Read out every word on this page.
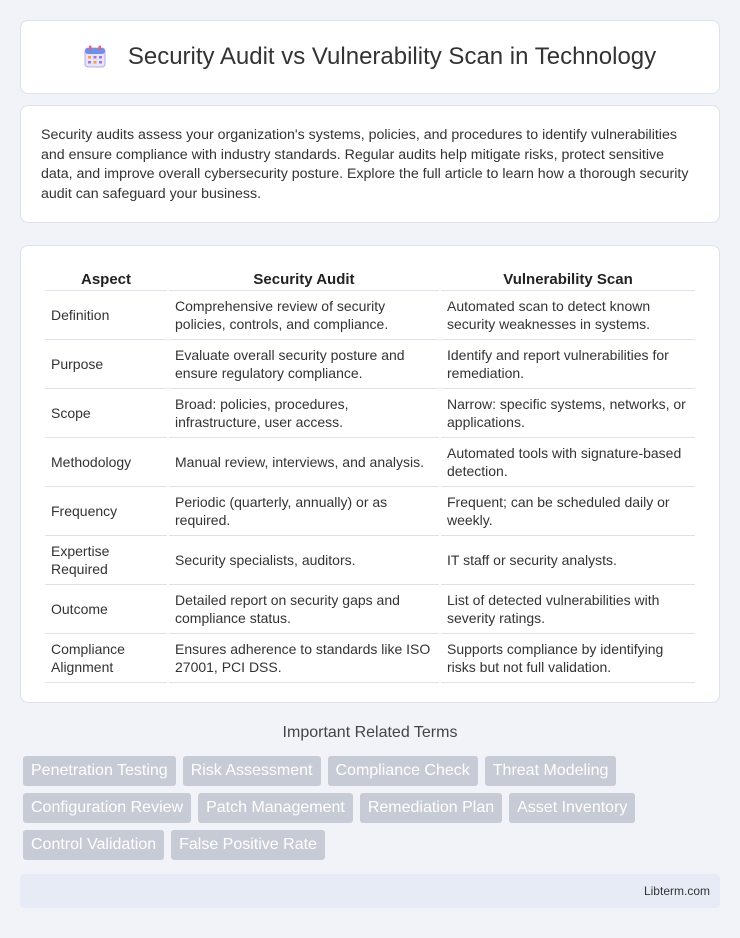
Security Audit vs Vulnerability Scan in Technology

Security audits assess your organization's systems, policies, and procedures to identify vulnerabilities and ensure compliance with industry standards. Regular audits help mitigate risks, protect sensitive data, and improve overall cybersecurity posture. Explore the full article to learn how a thorough security audit can safeguard your business.

Aspect	Security Audit	Vulnerability Scan
Definition	Comprehensive review of security policies, controls, and compliance.	Automated scan to detect known security weaknesses in systems.
Purpose	Evaluate overall security posture and ensure regulatory compliance.	Identify and report vulnerabilities for remediation.
Scope	Broad: policies, procedures, infrastructure, user access.	Narrow: specific systems, networks, or applications.
Methodology	Manual review, interviews, and analysis.	Automated tools with signature-based detection.
Frequency	Periodic (quarterly, annually) or as required.	Frequent; can be scheduled daily or weekly.
Expertise Required	Security specialists, auditors.	IT staff or security analysts.
Outcome	Detailed report on security gaps and compliance status.	List of detected vulnerabilities with severity ratings.
Compliance Alignment	Ensures adherence to standards like ISO 27001, PCI DSS.	Supports compliance by identifying risks but not full validation.
Important Related Terms
Penetration Testing	Risk Assessment	Compliance Check	Threat Modeling
Configuration Review	Patch Management	Remediation Plan	Asset Inventory
Control Validation	False Positive Rate
Libterm.com
